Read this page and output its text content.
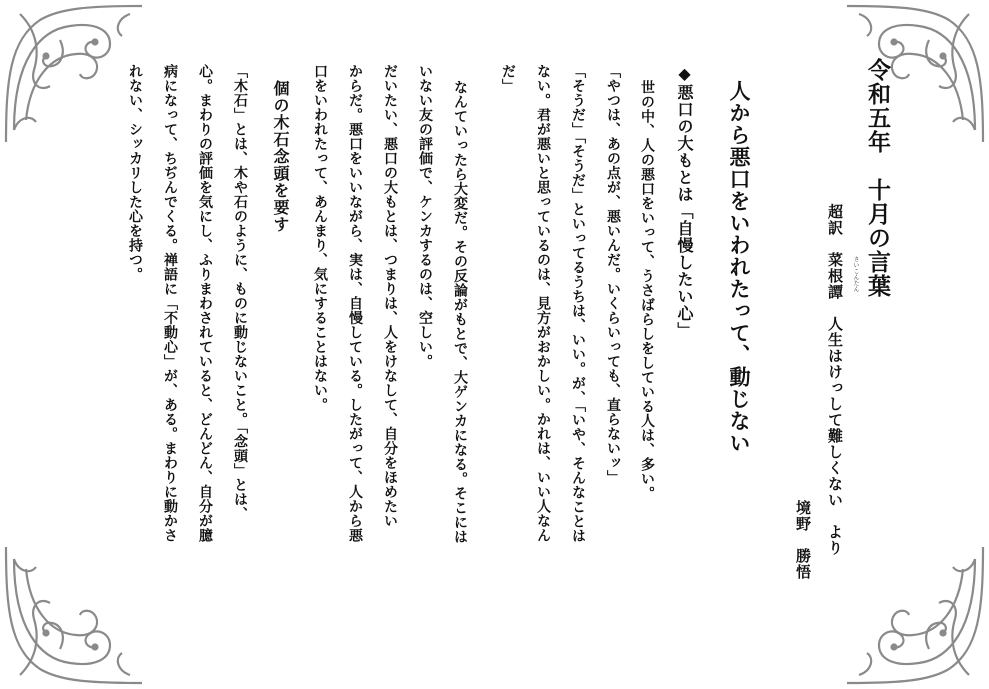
令和五年　十月の言葉
超訳　菜根譚　人生はけっして難しくない　より さいこんたん
境野　勝悟
人から悪口をいわれたって、動じない
◆悪口の大もとは「自慢したい心」
世の中、人の悪口をいって、うさばらしをしている人は、多い。
「やつは、あの点が、悪いんだ。いくらいっても、直らないッ」
「そうだ」「そうだ」といってるうちは、いい。が、「いや、そんなことは
ない。君が悪いと思っているのは、見方がおかしい。かれは、いい人なん
だ」
なんていったら大変だ。その反論がもとで、大ゲンカになる。そこには
いない友の評価で、ケンカするのは、空しい。
だいたい、悪口の大もとは、つまりは、人をけなして、自分をほめたい
からだ。悪口をいいながら、実は、自慢している。したがって、人から悪
口をいわれたって、あんまり、気にすることはない。
個の木石念頭を要す
「木石」とは、木や石のように、ものに動じないこと。「念頭」とは、
心。まわりの評価を気にし、ふりまわされていると、どんどん、自分が臆
病になって、ちぢんでくる。禅語に「不動心」が、ある。まわりに動かさ
れない、シッカリした心を持つ。
